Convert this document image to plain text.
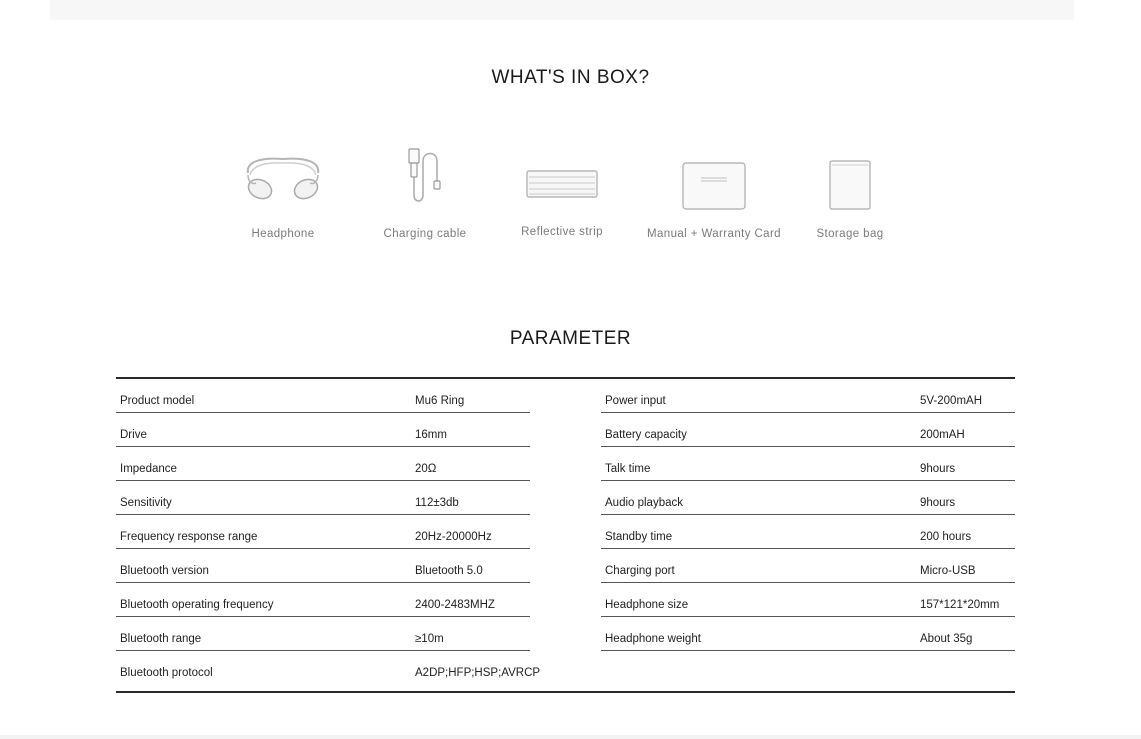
WHAT'S IN BOX?
Headphone	Charging cable	Reflective strip	Manual + Warranty Card	Storage bag
PARAMETER
Product model	Mu6 Ring
Drive	16mm
Impedance	20Ω
Sensitivity	112±3db
Frequency response range	20Hz-20000Hz
Bluetooth version	Bluetooth 5.0
Bluetooth operating frequency	2400-2483MHZ
Bluetooth range	≥10m
Bluetooth protocol	A2DP;HFP;HSP;AVRCP
Power input	5V-200mAH
Battery capacity	200mAH
Talk time	9hours
Audio playback	9hours
Standby time	200 hours
Charging port	Micro-USB
Headphone size	157*121*20mm
Headphone weight	About 35g
